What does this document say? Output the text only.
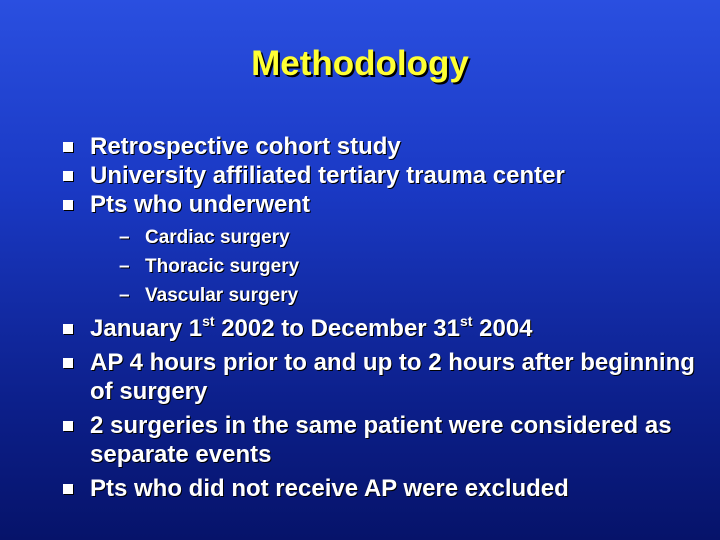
Methodology
Retrospective cohort study
University affiliated tertiary trauma center
Pts who underwent
– Cardiac surgery
– Thoracic surgery
– Vascular surgery
January 1st 2002 to December 31st 2004
AP 4 hours prior to and up to 2 hours after beginning of surgery
2 surgeries in the same patient were considered as separate events
Pts who did not receive AP were excluded
